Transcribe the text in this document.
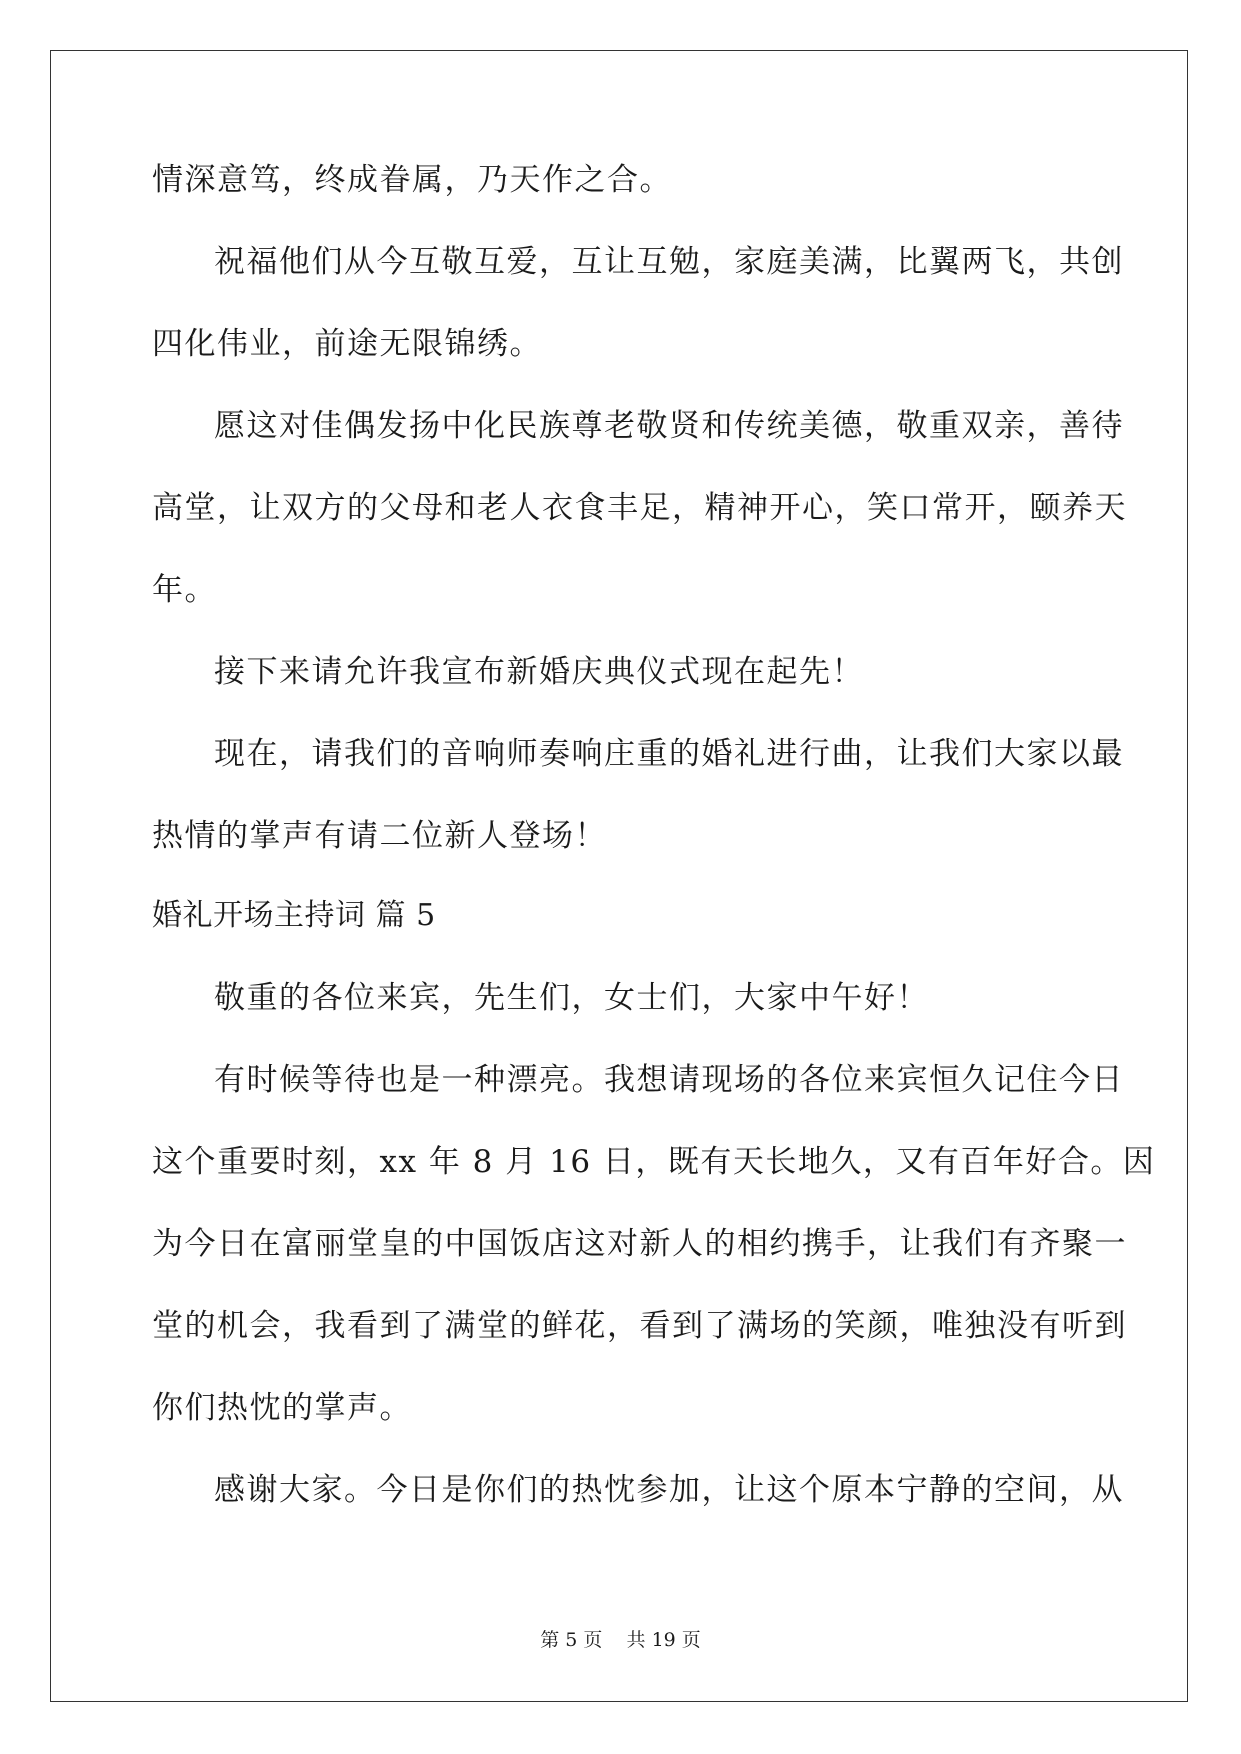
情深意笃，终成眷属，乃天作之合。
祝福他们从今互敬互爱，互让互勉，家庭美满，比翼两飞，共创
四化伟业，前途无限锦绣。
愿这对佳偶发扬中化民族尊老敬贤和传统美德，敬重双亲，善待
高堂，让双方的父母和老人衣食丰足，精神开心，笑口常开，颐养天
年。
接下来请允许我宣布新婚庆典仪式现在起先！
现在，请我们的音响师奏响庄重的婚礼进行曲，让我们大家以最
热情的掌声有请二位新人登场！
婚礼开场主持词 篇 5
敬重的各位来宾，先生们，女士们，大家中午好！
有时候等待也是一种漂亮。我想请现场的各位来宾恒久记住今日
这个重要时刻，xx 年 8 月 16 日，既有天长地久，又有百年好合。因
为今日在富丽堂皇的中国饭店这对新人的相约携手，让我们有齐聚一
堂的机会，我看到了满堂的鲜花，看到了满场的笑颜，唯独没有听到
你们热忱的掌声。
感谢大家。今日是你们的热忱参加，让这个原本宁静的空间，从
第 5 页    共 19 页
